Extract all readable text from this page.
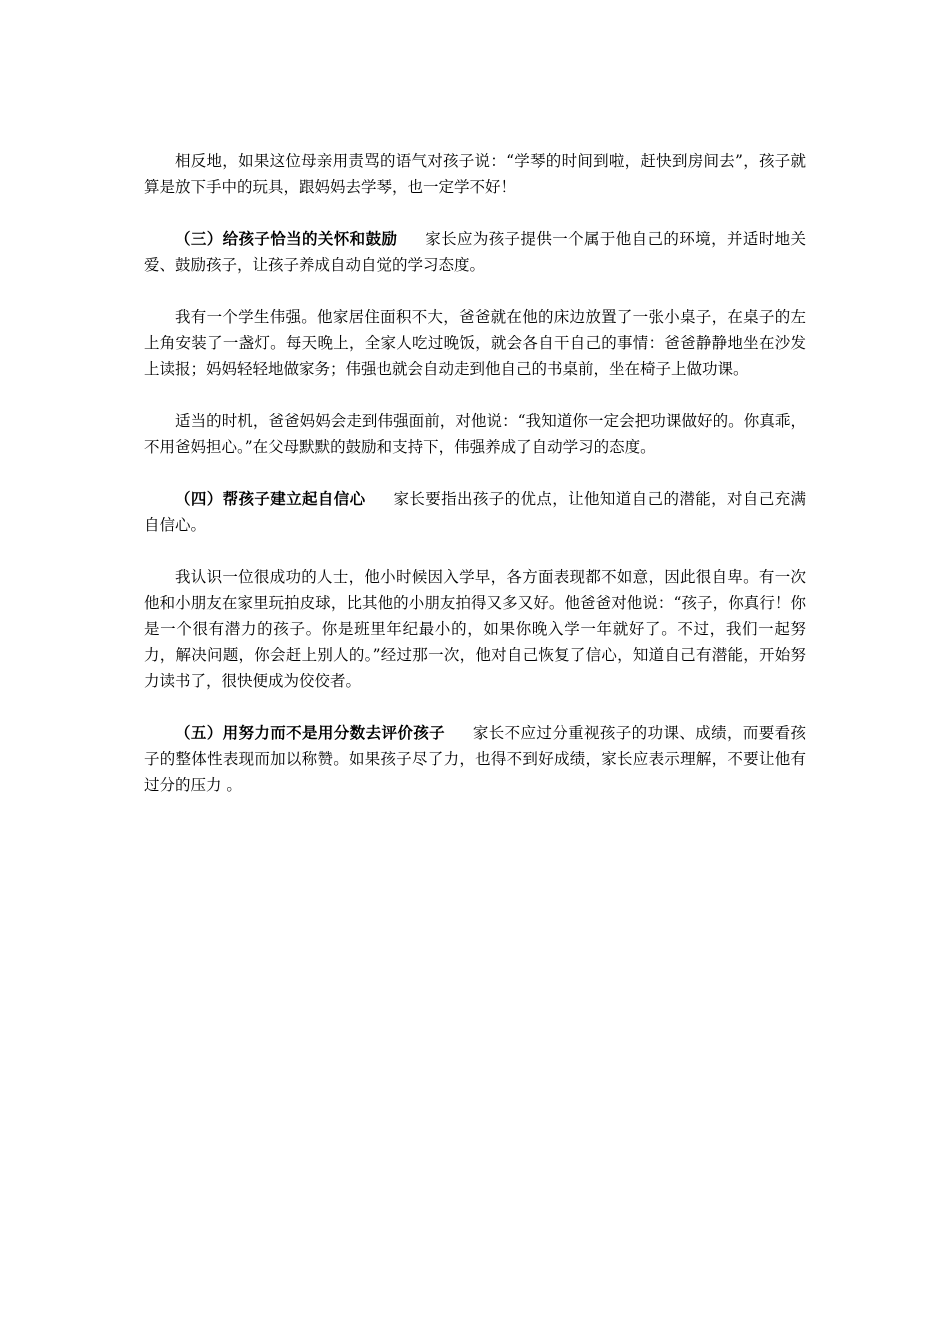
相反地，如果这位母亲用责骂的语气对孩子说：“学琴的时间到啦，赶快到房间去”，孩子就算是放下手中的玩具，跟妈妈去学琴，也一定学不好！

（三）给孩子恰当的关怀和鼓励 家长应为孩子提供一个属于他自己的环境，并适时地关爱、鼓励孩子，让孩子养成自动自觉的学习态度。

我有一个学生伟强。他家居住面积不大，爸爸就在他的床边放置了一张小桌子，在桌子的左上角安装了一盏灯。每天晚上，全家人吃过晚饭，就会各自干自己的事情：爸爸静静地坐在沙发上读报；妈妈轻轻地做家务；伟强也就会自动走到他自己的书桌前，坐在椅子上做功课。

适当的时机，爸爸妈妈会走到伟强面前，对他说：“我知道你一定会把功课做好的。你真乖，不用爸妈担心。”在父母默默的鼓励和支持下，伟强养成了自动学习的态度。

（四）帮孩子建立起自信心 家长要指出孩子的优点，让他知道自己的潜能，对自己充满自信心。

我认识一位很成功的人士，他小时候因入学早，各方面表现都不如意，因此很自卑。有一次他和小朋友在家里玩拍皮球，比其他的小朋友拍得又多又好。他爸爸对他说：“孩子，你真行！你是一个很有潜力的孩子。你是班里年纪最小的，如果你晚入学一年就好了。不过，我们一起努力，解决问题，你会赶上别人的。”经过那一次，他对自己恢复了信心，知道自己有潜能，开始努力读书了，很快便成为佼佼者。

（五）用努力而不是用分数去评价孩子 家长不应过分重视孩子的功课、成绩，而要看孩子的整体性表现而加以称赞。如果孩子尽了力，也得不到好成绩，家长应表示理解，不要让他有过分的压力 。
